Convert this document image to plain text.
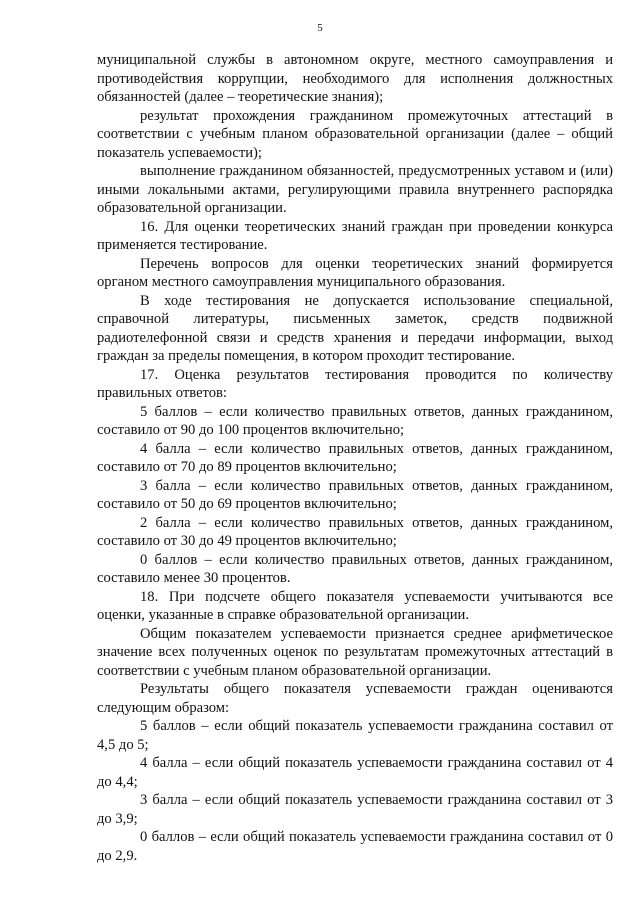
5

муниципальной службы в автономном округе, местного самоуправления и противодействия коррупции, необходимого для исполнения должностных обязанностей (далее – теоретические знания);

результат прохождения гражданином промежуточных аттестаций в соответствии с учебным планом образовательной организации (далее – общий показатель успеваемости);

выполнение гражданином обязанностей, предусмотренных уставом и (или) иными локальными актами, регулирующими правила внутреннего распорядка образовательной организации.

16. Для оценки теоретических знаний граждан при проведении конкурса применяется тестирование.

Перечень вопросов для оценки теоретических знаний формируется органом местного самоуправления муниципального образования.

В ходе тестирования не допускается использование специальной, справочной литературы, письменных заметок, средств подвижной радиотелефонной связи и средств хранения и передачи информации, выход граждан за пределы помещения, в котором проходит тестирование.

17. Оценка результатов тестирования проводится по количеству правильных ответов:

5 баллов – если количество правильных ответов, данных гражданином, составило от 90 до 100 процентов включительно;

4 балла – если количество правильных ответов, данных гражданином, составило от 70 до 89 процентов включительно;

3 балла – если количество правильных ответов, данных гражданином, составило от 50 до 69 процентов включительно;

2 балла – если количество правильных ответов, данных гражданином, составило от 30 до 49 процентов включительно;

0 баллов – если количество правильных ответов, данных гражданином, составило менее 30 процентов.

18. При подсчете общего показателя успеваемости учитываются все оценки, указанные в справке образовательной организации.

Общим показателем успеваемости признается среднее арифметическое значение всех полученных оценок по результатам промежуточных аттестаций в соответствии с учебным планом образовательной организации.

Результаты общего показателя успеваемости граждан оцениваются следующим образом:

5 баллов – если общий показатель успеваемости гражданина составил от 4,5 до 5;

4 балла – если общий показатель успеваемости гражданина составил от 4 до 4,4;

3 балла – если общий показатель успеваемости гражданина составил от 3 до 3,9;

0 баллов – если общий показатель успеваемости гражданина составил от 0 до 2,9.
